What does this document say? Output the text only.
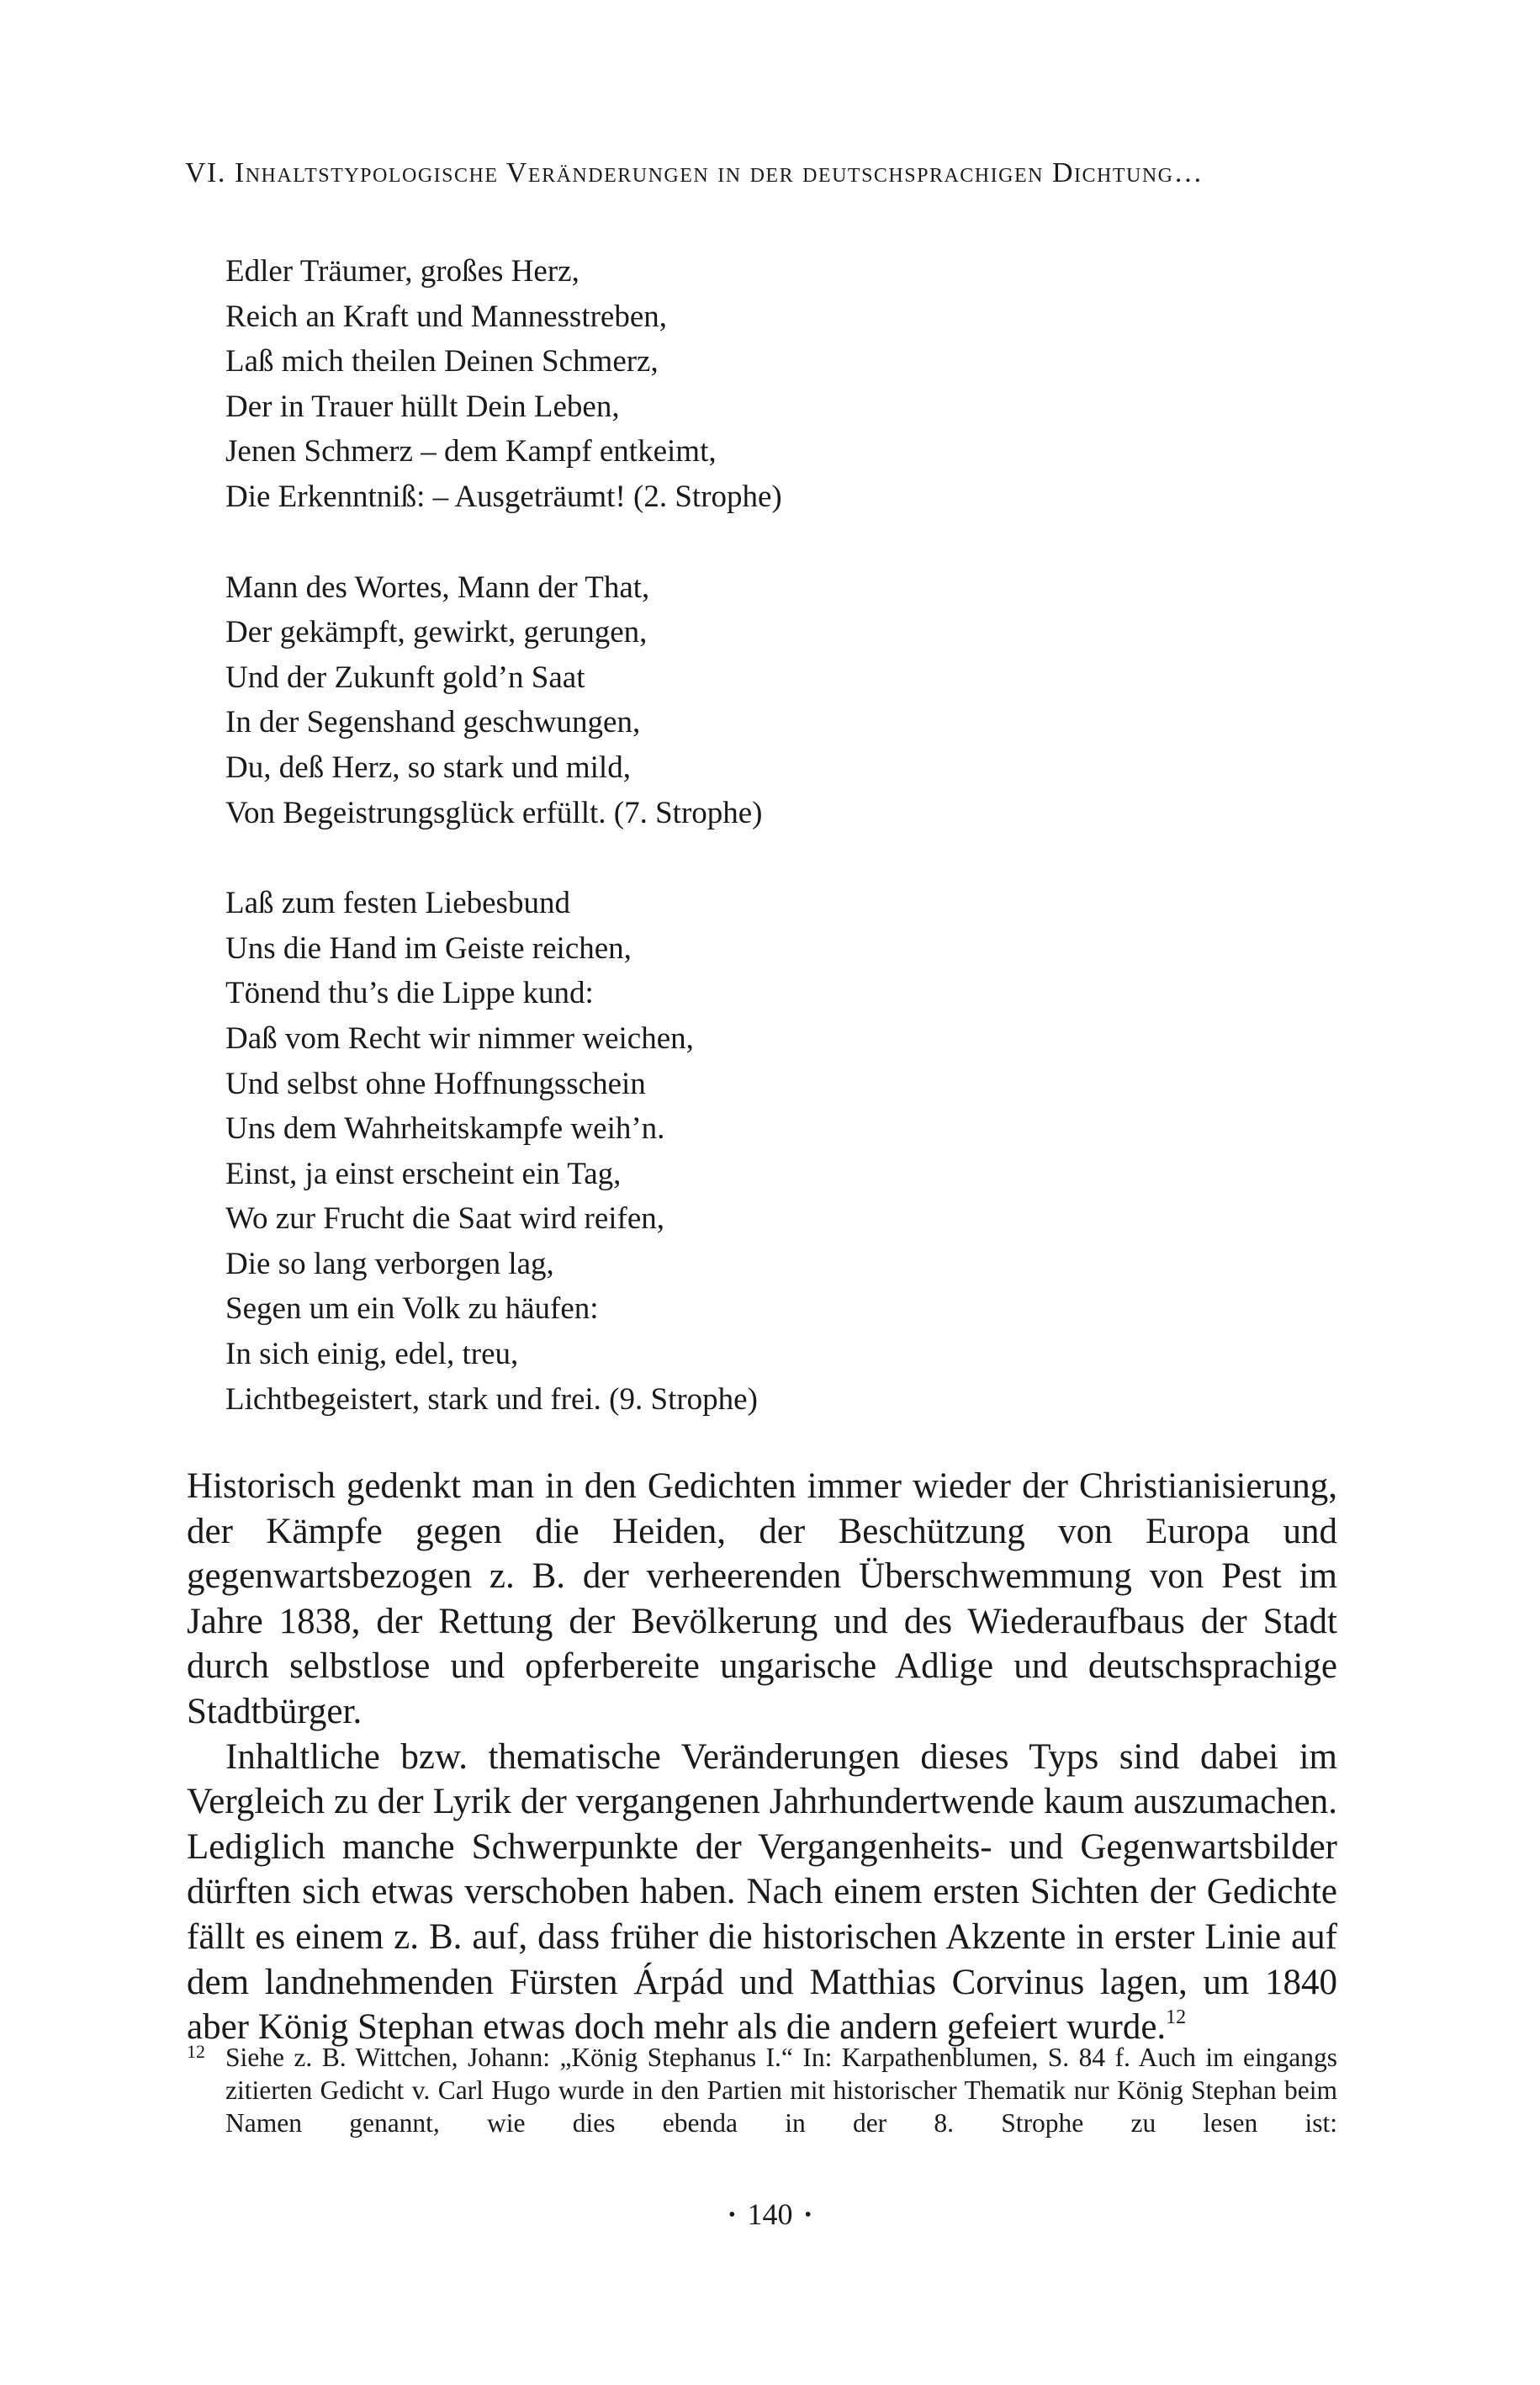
VI. Inhaltstypologische Veränderungen in der deutschsprachigen Dichtung…
Edler Träumer, großes Herz,
Reich an Kraft und Mannesstreben,
Laß mich theilen Deinen Schmerz,
Der in Trauer hüllt Dein Leben,
Jenen Schmerz – dem Kampf entkeimt,
Die Erkenntniß: – Ausgeträumt! (2. Strophe)
Mann des Wortes, Mann der That,
Der gekämpft, gewirkt, gerungen,
Und der Zukunft gold’n Saat
In der Segenshand geschwungen,
Du, deß Herz, so stark und mild,
Von Begeistrungsglück erfüllt. (7. Strophe)
Laß zum festen Liebesbund
Uns die Hand im Geiste reichen,
Tönend thu’s die Lippe kund:
Daß vom Recht wir nimmer weichen,
Und selbst ohne Hoffnungsschein
Uns dem Wahrheitskampfe weih’n.
Einst, ja einst erscheint ein Tag,
Wo zur Frucht die Saat wird reifen,
Die so lang verborgen lag,
Segen um ein Volk zu häufen:
In sich einig, edel, treu,
Lichtbegeistert, stark und frei. (9. Strophe)

Historisch gedenkt man in den Gedichten immer wieder der Christianisierung, der Kämpfe gegen die Heiden, der Beschützung von Europa und gegenwartsbezogen z. B. der verheerenden Überschwemmung von Pest im Jahre 1838, der Rettung der Bevölkerung und des Wiederaufbaus der Stadt durch selbstlose und opferbereite ungarische Adlige und deutschsprachige Stadtbürger.

Inhaltliche bzw. thematische Veränderungen dieses Typs sind dabei im Vergleich zu der Lyrik der vergangenen Jahrhundertwende kaum auszumachen. Lediglich manche Schwerpunkte der Vergangenheits- und Gegenwartsbilder dürften sich etwas verschoben haben. Nach einem ersten Sichten der Gedichte fällt es einem z. B. auf, dass früher die historischen Akzente in erster Linie auf dem landnehmenden Fürsten Árpád und Matthias Corvinus lagen, um 1840 aber König Stephan etwas doch mehr als die andern gefeiert wurde.$^{12}$

12 Siehe z. B. Wittchen, Johann: „König Stephanus I.“ In: Karpathenblumen, S. 84 f. Auch im eingangs zitierten Gedicht v. Carl Hugo wurde in den Partien mit historischer Thematik nur König Stephan beim Namen genannt, wie dies ebenda in der 8. Strophe zu lesen ist:
• 140 •
